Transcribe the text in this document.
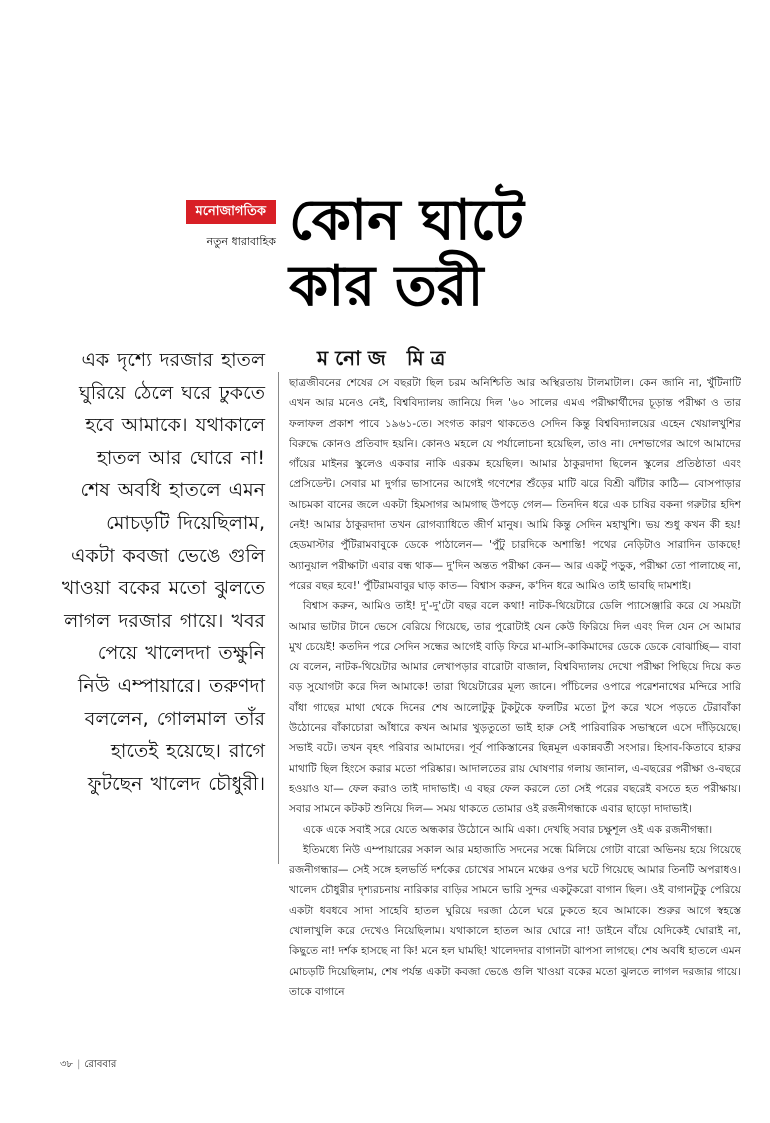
মনোজাগতিক
নতুন ধারাবাহিক কোন ঘাটে
কার তরী
মনোজ মিত্র

এক দৃশ্যে দরজার হাতল ঘুরিয়ে ঠেলে ঘরে ঢুকতে হবে আমাকে। যথাকালে হাতল আর ঘোরে না! শেষ অবধি হাতলে এমন মোচড়টি দিয়েছিলাম, একটা কবজা ভেঙে গুলি খাওয়া বকের মতো ঝুলতে লাগল দরজার গায়ে। খবর পেয়ে খালেদদা তক্ষুনি নিউ এম্পায়ারে। তরুণদা বললেন, গোলমাল তাঁর হাতেই হয়েছে। রাগে ফুটছেন খালেদ চৌধুরী।

ছাত্রজীবনের শেষের সে বছরটা ছিল চরম অনিশ্চিতি আর অস্থিরতায় টালমাটাল। কেন জানি না, খুঁটিনাটি এখন আর মনেও নেই, বিশ্ববিদ্যালয় জানিয়ে দিল '৬০ সালের এমএ পরীক্ষার্থীদের চূড়ান্ত পরীক্ষা ও তার ফলাফল প্রকাশ পাবে ১৯৬১-তে। সংগত কারণ থাকতেও সেদিন কিন্তু বিশ্ববিদ্যালয়ের এহেন খেয়ালখুশির বিরুদ্ধে কোনও প্রতিবাদ হয়নি। কোনও মহলে যে পর্যালোচনা হয়েছিল, তাও না। দেশভাগের আগে আমাদের গাঁয়ের মাইনর স্কুলেও একবার নাকি এরকম হয়েছিল। আমার ঠাকুরদাদা ছিলেন স্কুলের প্রতিষ্ঠাতা এবং প্রেসিডেন্ট। সেবার মা দুর্গার ভাসানের আগেই গণেশের শুঁড়ের মাটি ঝরে বিশ্রী ঝাঁটার কাঠি— বোসপাড়ার আচমকা বানের জলে একটা হিমসাগর আমগাছ উপড়ে গেল— তিনদিন ধরে এক চাষির বকনা গরুটার হদিশ নেই! আমার ঠাকুরদাদা তখন রোগব্যাধিতে জীর্ণ মানুষ। আমি কিন্তু সেদিন মহাখুশি। ভয় শুধু কখন কী হয়! হেডমাস্টার পুঁটিরামবাবুকে ডেকে পাঠালেন— 'পুঁটু চারদিকে অশান্তি! পথের নেড়িটাও সারাদিন ডাকছে! অ্যানুয়াল পরীক্ষাটা এবার বন্ধ থাক— দু'দিন অন্তত পরীক্ষা কেন— আর একটু পড়ুক, পরীক্ষা তো পালাচ্ছে না, পরের বছর হবে!' পুঁটিরামবাবুর ঘাড় কাত— বিশ্বাস করুন, ক'দিন ধরে আমিও তাই ভাবছি দামশাই।

বিশ্বাস করুন, আমিও তাই! দু'-দু'টো বছর বলে কথা! নাটক-থিয়েটারে ডেলি প্যাসেঞ্জারি করে যে সময়টা আমার ভাটার টানে ভেসে বেরিয়ে গিয়েছে, তার পুরোটাই যেন কেউ ফিরিয়ে দিল এবং দিল যেন সে আমার মুখ চেয়েই! কতদিন পরে সেদিন সন্ধের আগেই বাড়ি ফিরে মা-মাসি-কাকিমাদের ডেকে ডেকে বোঝাচ্ছি— বাবা যে বলেন, নাটক-থিয়েটার আমার লেখাপড়ার বারোটা বাজাল, বিশ্ববিদ্যালয় দেখো পরীক্ষা পিছিয়ে দিয়ে কত বড় সুযোগটা করে দিল আমাকে! তারা থিয়েটারের মূল্য জানে। পাঁচিলের ওপারে পরেশনাথের মন্দিরে সারি বাঁধা গাছের মাথা থেকে দিনের শেষ আলোটুকু টুকটুকে ফলটির মতো টুপ করে খসে পড়তে টেরাবাঁকা উঠোনের বাঁকাচোরা আঁধারে কখন আমার খুড়তুতো ভাই হারু সেই পারিবারিক সভাস্থলে এসে দাঁড়িয়েছে। সভাই বটে। তখন বৃহৎ পরিবার আমাদের। পূর্ব পাকিস্তানের ছিন্নমূল একান্নবর্তী সংসার। হিসাব-কিতাবে হারুর মাথাটি ছিল হিংসে করার মতো পরিষ্কার। আদালতের রায় ঘোষণার গলায় জানাল, এ-বছরের পরীক্ষা ও-বছরে হওয়াও যা— ফেল করাও তাই দাদাভাই। এ বছর ফেল করলে তো সেই পরের বছরেই বসতে হত পরীক্ষায়। সবার সামনে কটকট শুনিয়ে দিল— সময় থাকতে তোমার ওই রজনীগন্ধাকে এবার ছাড়ো দাদাভাই।

একে একে সবাই সরে যেতে অন্ধকার উঠোনে আমি একা। দেখছি সবার চক্ষুশূল ওই এক রজনীগন্ধা।

ইতিমধ্যে নিউ এম্পায়ারের সকাল আর মহাজাতি সদনের সন্ধে মিলিয়ে গোটা বারো অভিনয় হয়ে গিয়েছে রজনীগন্ধার— সেই সঙ্গে হলভর্তি দর্শকের চোখের সামনে মঞ্চের ওপর ঘটে গিয়েছে আমার তিনটি অপরাধও। খালেদ চৌধুরীর দৃশ্যরচনায় নারিকার বাড়ির সামনে ভারি সুন্দর একটুকরো বাগান ছিল। ওই বাগানটুকু পেরিয়ে একটা ধবধবে সাদা সাহেবি হাতল ঘুরিয়ে দরজা ঠেলে ঘরে ঢুকতে হবে আমাকে। শুরুর আগে স্বহস্তে খোলাখুলি করে দেখেও নিয়েছিলাম। যথাকালে হাতল আর ঘোরে না! ডাইনে বাঁয়ে যেদিকেই ঘোরাই না, কিছুতে না! দর্শক হাসছে না কি! মনে হল ঘামছি! খালেদদার বাগানটা ঝাপসা লাগছে। শেষ অবধি হাতলে এমন মোচড়টি দিয়েছিলাম, শেষ পর্যন্ত একটা কবজা ভেঙে গুলি খাওয়া বকের মতো ঝুলতে লাগল দরজার গায়ে। তাকে বাগানে

৩৮ | রোববার
